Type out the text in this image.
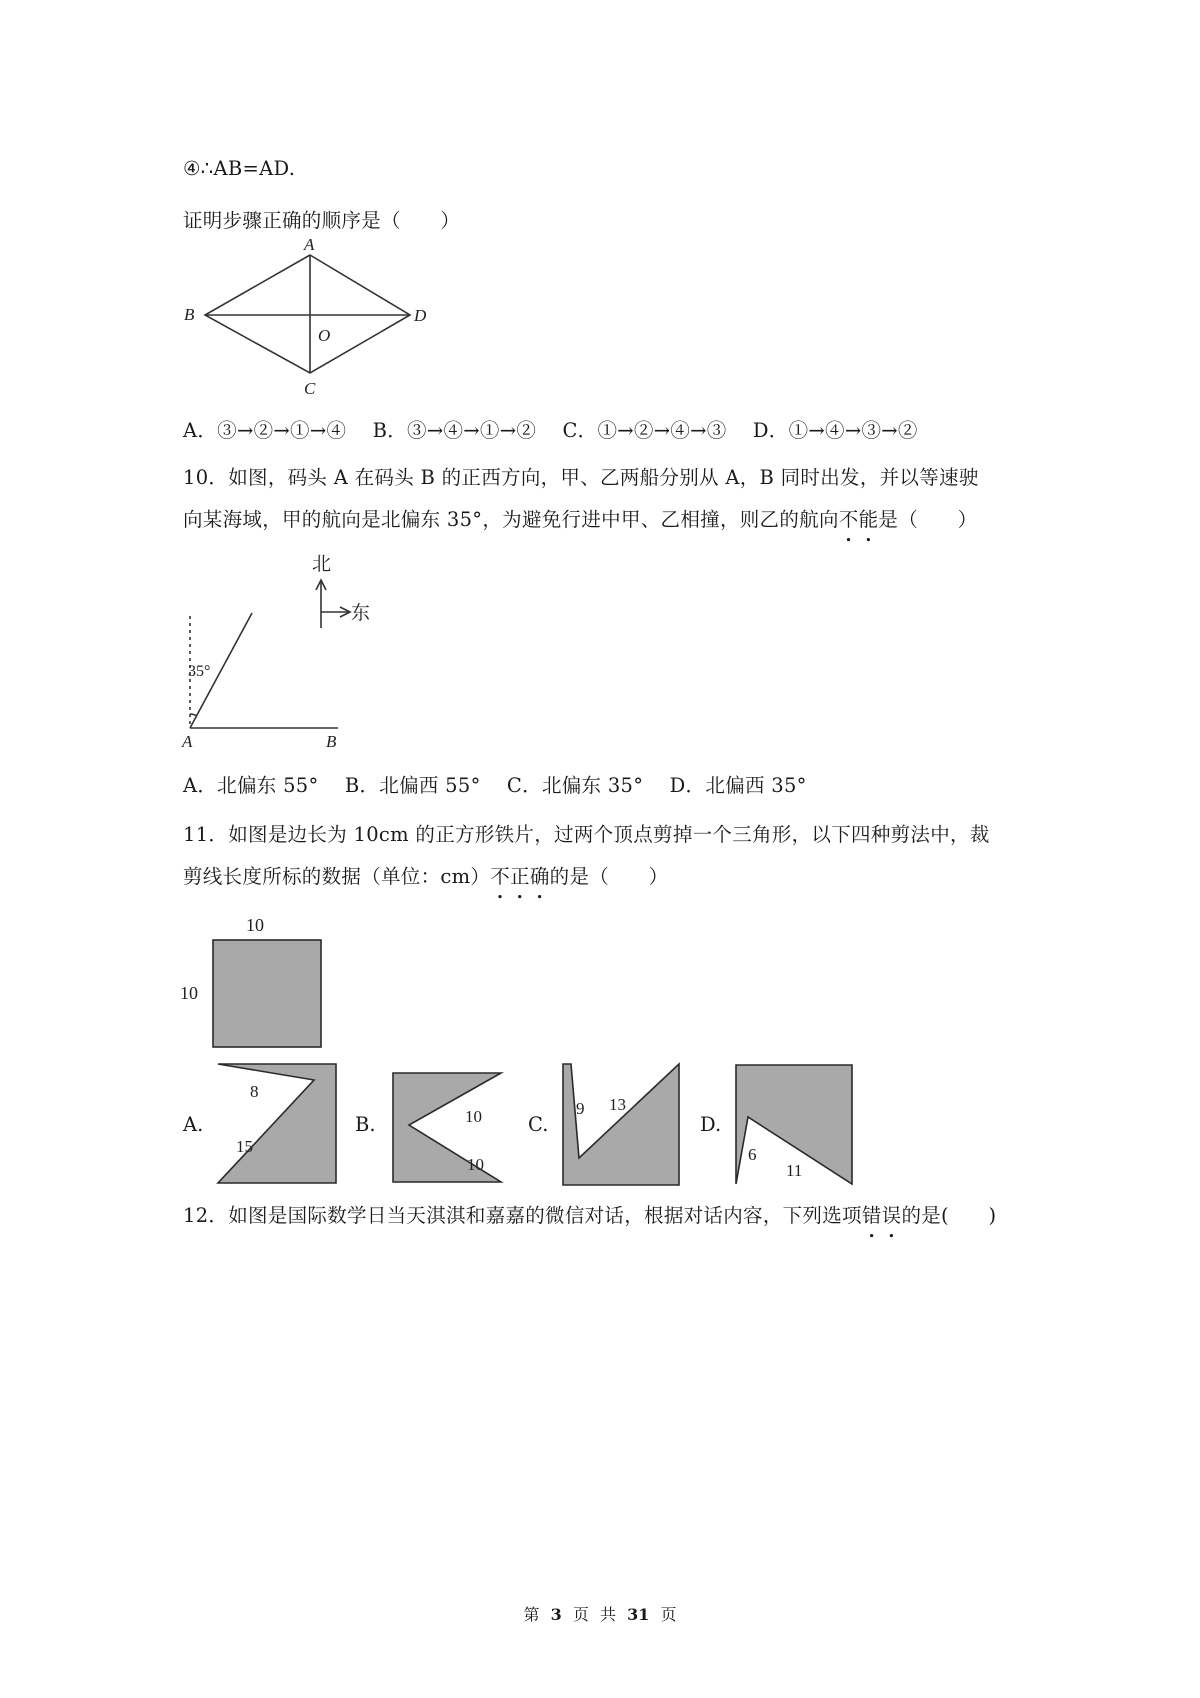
④∴AB=AD.
证明步骤正确的顺序是（　　）
A
B
C
D
O
A．③→②→①→④　 B．③→④→①→②　 C．①→②→④→③　 D．①→④→③→②
10．如图，码头 A 在码头 B 的正西方向，甲、乙两船分别从 A，B 同时出发，并以等速驶
向某海域，甲的航向是北偏东 35°，为避免行进中甲、乙相撞，则乙的航向不能是（　　）
北
东
35°
A	B
A．北偏东 55°　 B．北偏西 55°　 C．北偏东 35°　 D．北偏西 35°
11．如图是边长为 10cm 的正方形铁片，过两个顶点剪掉一个三角形，以下四种剪法中，裁
剪线长度所标的数据（单位：cm）不正确的是（　　）
10
10
A.
8
15
B.	10
10
C.
9 13
D.
6
11
12．如图是国际数学日当天淇淇和嘉嘉的微信对话，根据对话内容，下列选项错误的是(　　)
第 3 页 共 31 页
